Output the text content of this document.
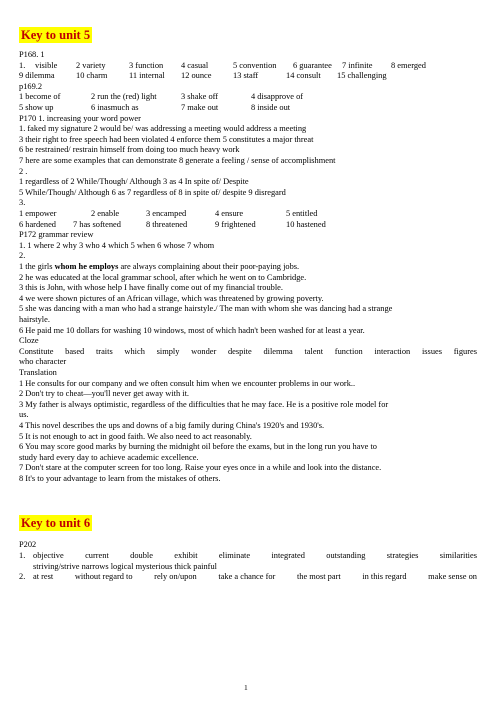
Key to unit 5
P168. 1
1. visible 2 variety	3 function 4 casual	5 convention 6 guarantee 7 infinite 8 emerged
9 dilemma	10 charm	11 internal 12 ounce	13 staff	14 consult 15 challenging
p169.2
1 become of	2 run the (red) light	3 shake off	4 disapprove of
5 show up	6 inasmuch as	7 make out	8 inside out
P170 1. increasing your word power
1. faked my signature 2 would be/ was addressing a meeting would address a meeting
3 their right to free speech had been violated 4 enforce them 5 constitutes a major threat
6 be restrained/ restrain himself from doing too much heavy work
7 here are some examples that can demonstrate 8 generate a feeling / sense of accomplishment
2 .
1 regardless of 2 While/Though/ Although 3 as 4 In spite of/ Despite
5 While/Though/ Although 6 as 7 regardless of 8 in spite of/ despite 9 disregard
3.
1 empower	2 enable	3 encamped	4 ensure	5 entitled
6 hardened 7 has softened	8 threatened	9 frightened	10 hastened
P172 grammar review
1. 1 where 2 why 3 who 4 which 5 when 6 whose 7 whom
2.
1 the girls whom he employs are always complaining about their poor-paying jobs.
2 he was educated at the local grammar school, after which he went on to Cambridge.
3 this is John, with whose help I have finally come out of my financial trouble.
4 we were shown pictures of an African village, which was threatened by growing poverty.
5 she was dancing with a man who had a strange hairstyle./ The man with whom she was dancing had a strange
hairstyle.
6 He paid me 10 dollars for washing 10 windows, most of which hadn't been washed for at least a year.
Cloze
Constitute based traits which simply wonder despite dilemma talent function interaction issues figures
who character
Translation
1 He consults for our company and we often consult him when we encounter problems in our work..
2 Don't try to cheat—you'll never get away with it.
3 My father is always optimistic, regardless of the difficulties that he may face. He is a positive role model for
us.
4 This novel describes the ups and downs of a big family during China's 1920's and 1930's.
5 It is not enough to act in good faith. We also need to act reasonably.
6 You may score good marks by burning the midnight oil before the exams, but in the long run you have to
study hard every day to achieve academic excellence.
7 Don't stare at the computer screen for too long. Raise your eyes once in a while and look into the distance.
8 It's to your advantage to learn from the mistakes of others.
Key to unit 6
P202
1. objective	current	double	exhibit	eliminate	integrated	outstanding	strategies	similarities
striving/strive narrows logical mysterious thick painful
2. at rest	without regard to	rely on/upon	take a chance for	the most part	in this regard	make sense on
1
